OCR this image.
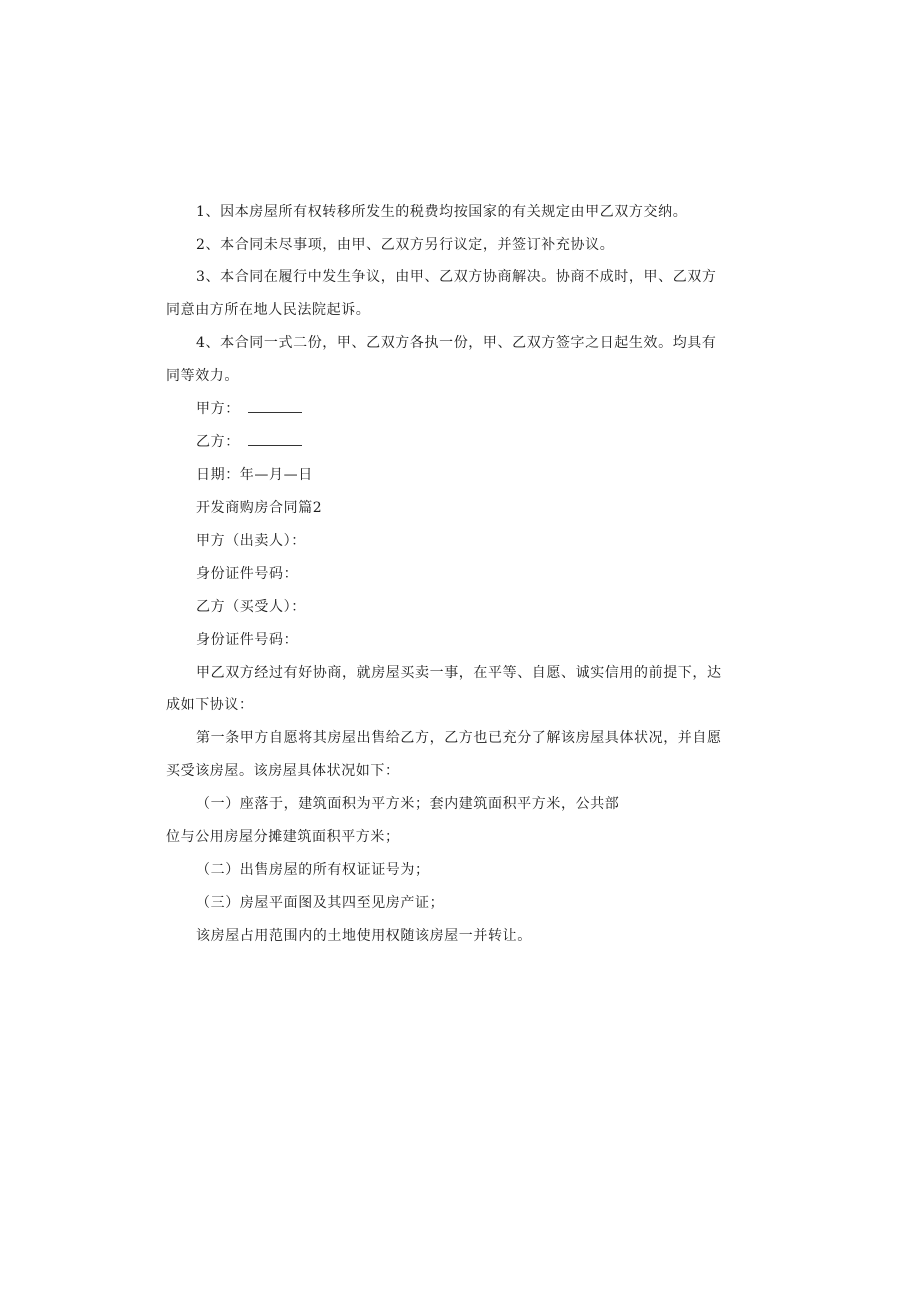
1、因本房屋所有权转移所发生的税费均按国家的有关规定由甲乙双方交纳。
2、本合同未尽事项，由甲、乙双方另行议定，并签订补充协议。
3、本合同在履行中发生争议，由甲、乙双方协商解决。协商不成时，甲、乙双方
同意由方所在地人民法院起诉。
4、本合同一式二份，甲、乙双方各执一份，甲、乙双方签字之日起生效。均具有
同等效力。
甲方：
乙方：
日期：年—月—日
开发商购房合同篇2
甲方（出卖人）：
身份证件号码：
乙方（买受人）：
身份证件号码：
甲乙双方经过有好协商，就房屋买卖一事，在平等、自愿、诚实信用的前提下，达
成如下协议：
第一条甲方自愿将其房屋出售给乙方，乙方也已充分了解该房屋具体状况，并自愿
买受该房屋。该房屋具体状况如下：
（一）座落于，建筑面积为平方米；套内建筑面积平方米，公共部
位与公用房屋分摊建筑面积平方米；
（二）出售房屋的所有权证证号为；
（三）房屋平面图及其四至见房产证；
该房屋占用范围内的土地使用权随该房屋一并转让。
